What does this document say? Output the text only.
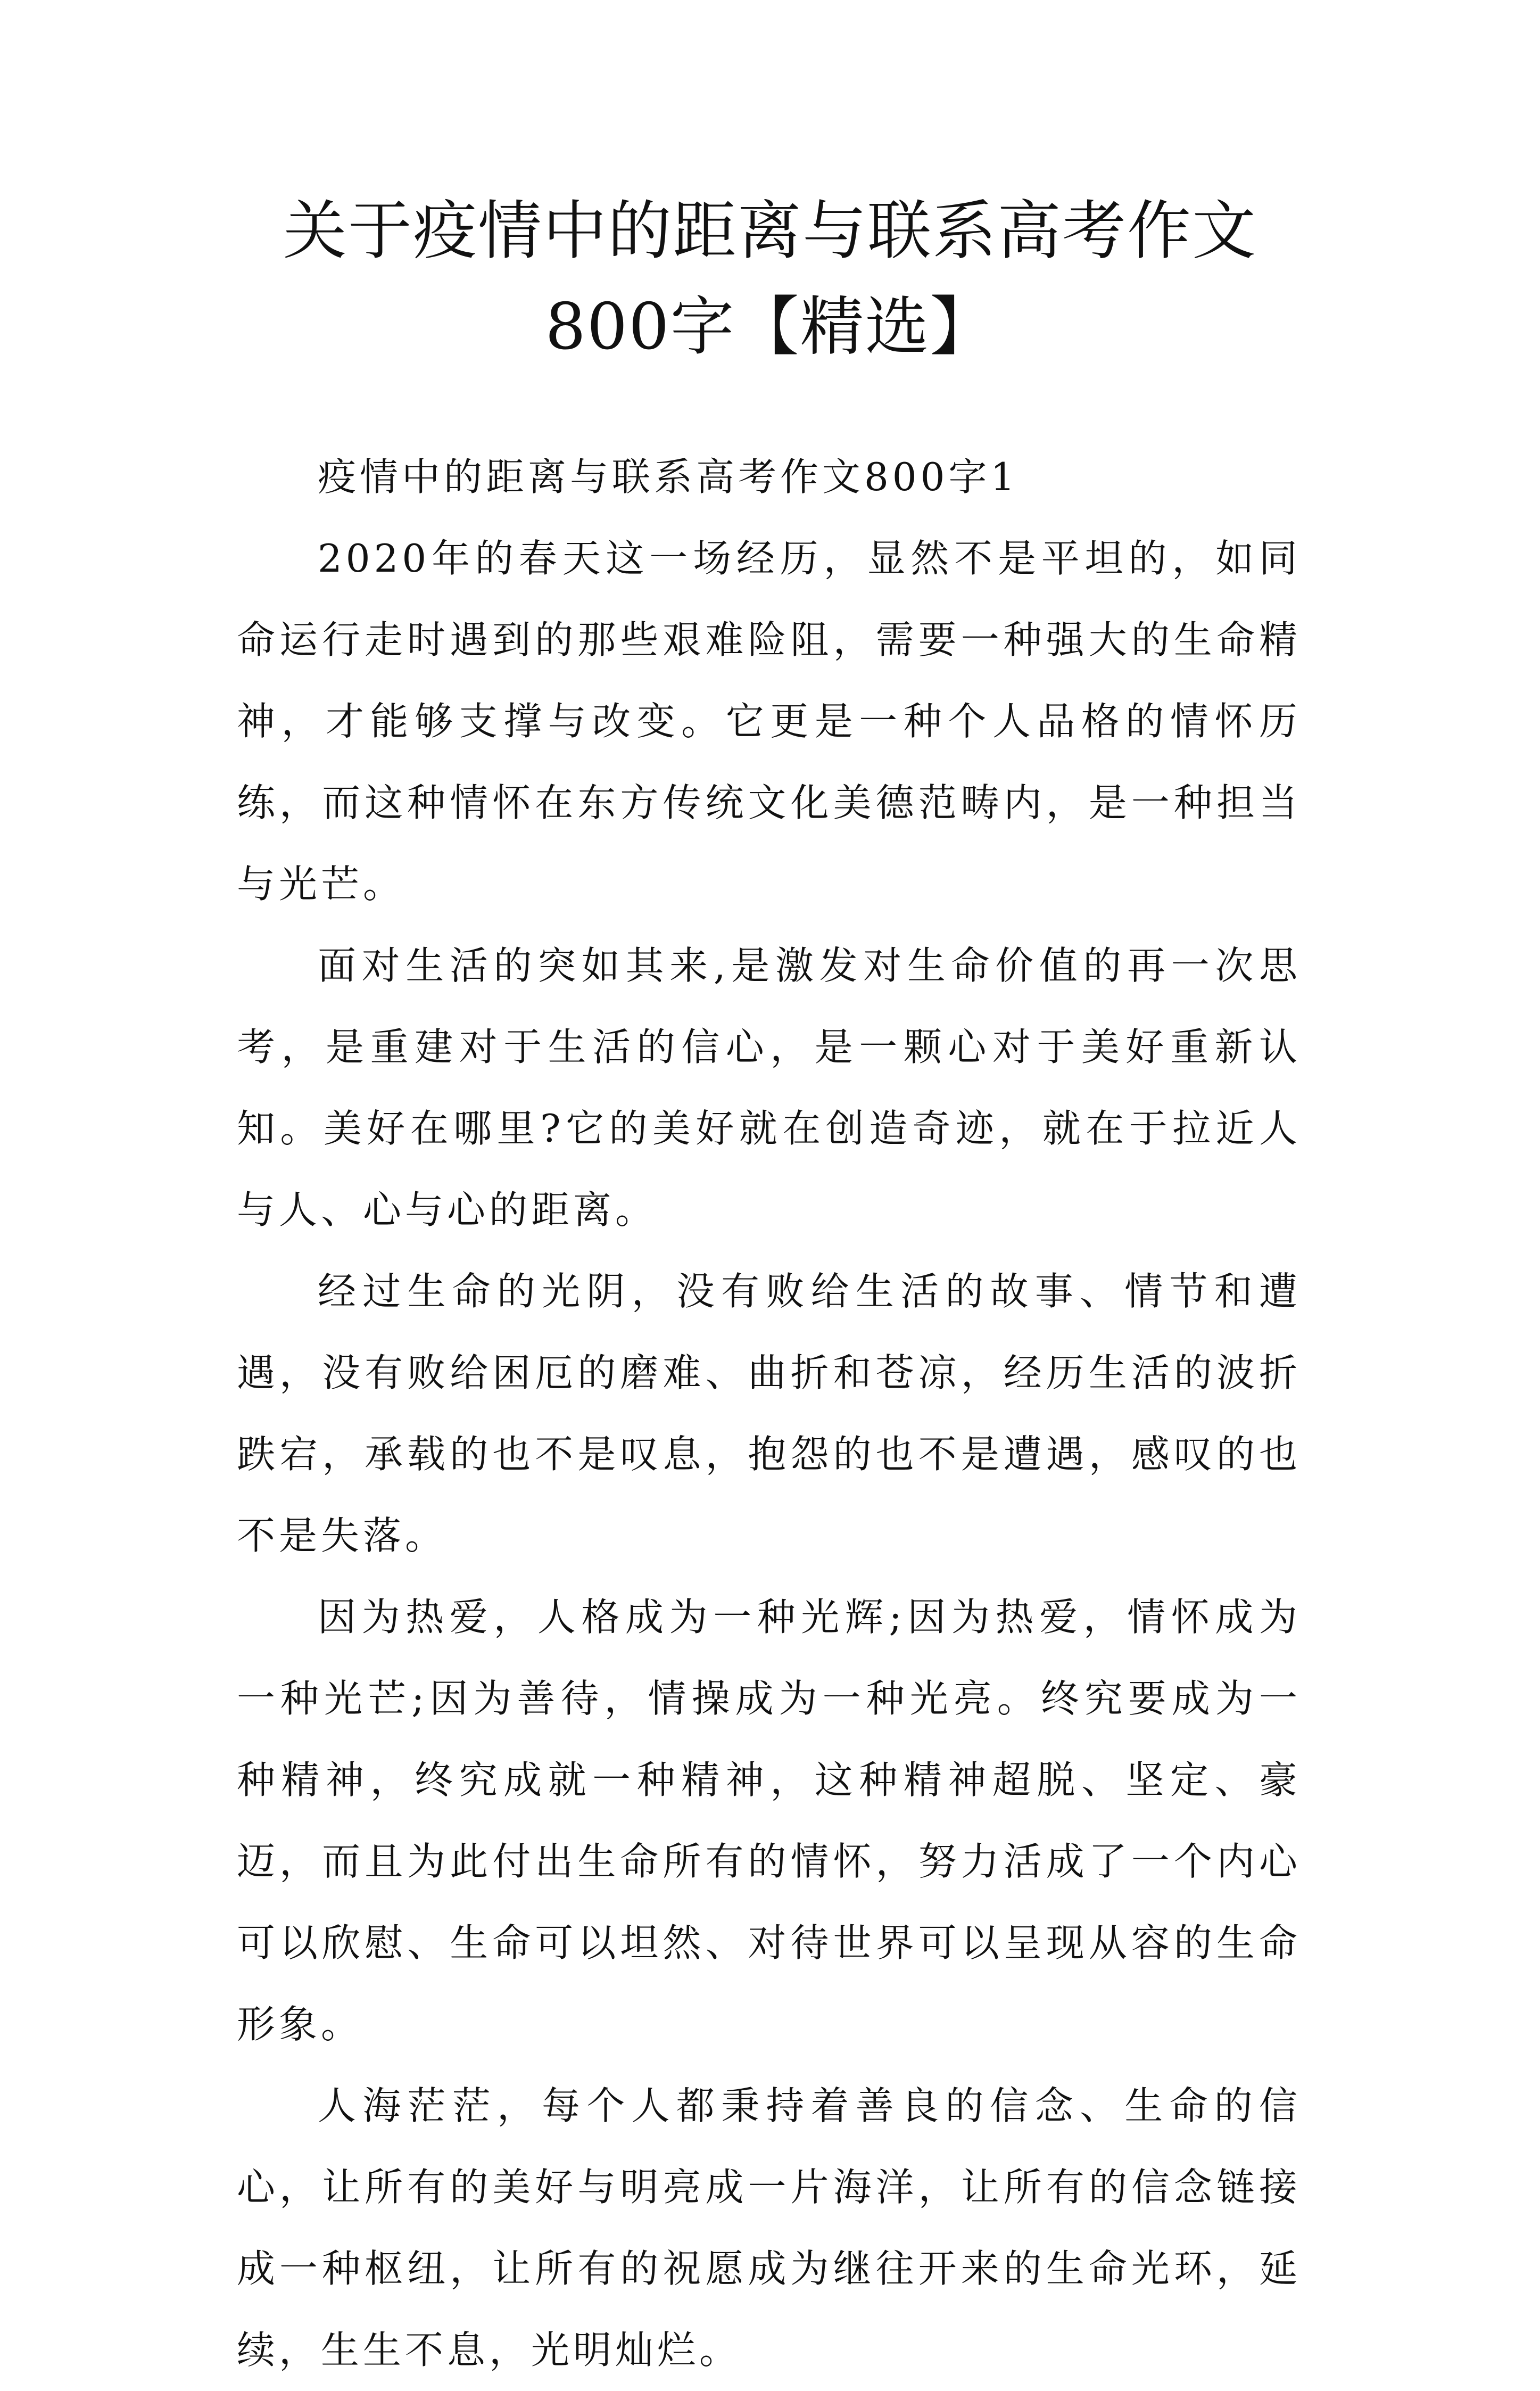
关于疫情中的距离与联系高考作文800字【精选】

疫情中的距离与联系高考作文800字1

2020年的春天这一场经历，显然不是平坦的，如同命运行走时遇到的那些艰难险阻，需要一种强大的生命精神，才能够支撑与改变。它更是一种个人品格的情怀历练，而这种情怀在东方传统文化美德范畴内，是一种担当与光芒。

面对生活的突如其来,是激发对生命价值的再一次思考，是重建对于生活的信心，是一颗心对于美好重新认知。美好在哪里?它的美好就在创造奇迹，就在于拉近人与人、心与心的距离。

经过生命的光阴，没有败给生活的故事、情节和遭遇，没有败给困厄的磨难、曲折和苍凉，经历生活的波折跌宕，承载的也不是叹息，抱怨的也不是遭遇，感叹的也不是失落。

因为热爱，人格成为一种光辉;因为热爱，情怀成为一种光芒;因为善待，情操成为一种光亮。终究要成为一种精神，终究成就一种精神，这种精神超脱、坚定、豪迈，而且为此付出生命所有的情怀，努力活成了一个内心可以欣慰、生命可以坦然、对待世界可以呈现从容的生命形象。

人海茫茫，每个人都秉持着善良的信念、生命的信心，让所有的美好与明亮成一片海洋，让所有的信念链接成一种枢纽，让所有的祝愿成为继往开来的生命光环，延续，生生不息，光明灿烂。
